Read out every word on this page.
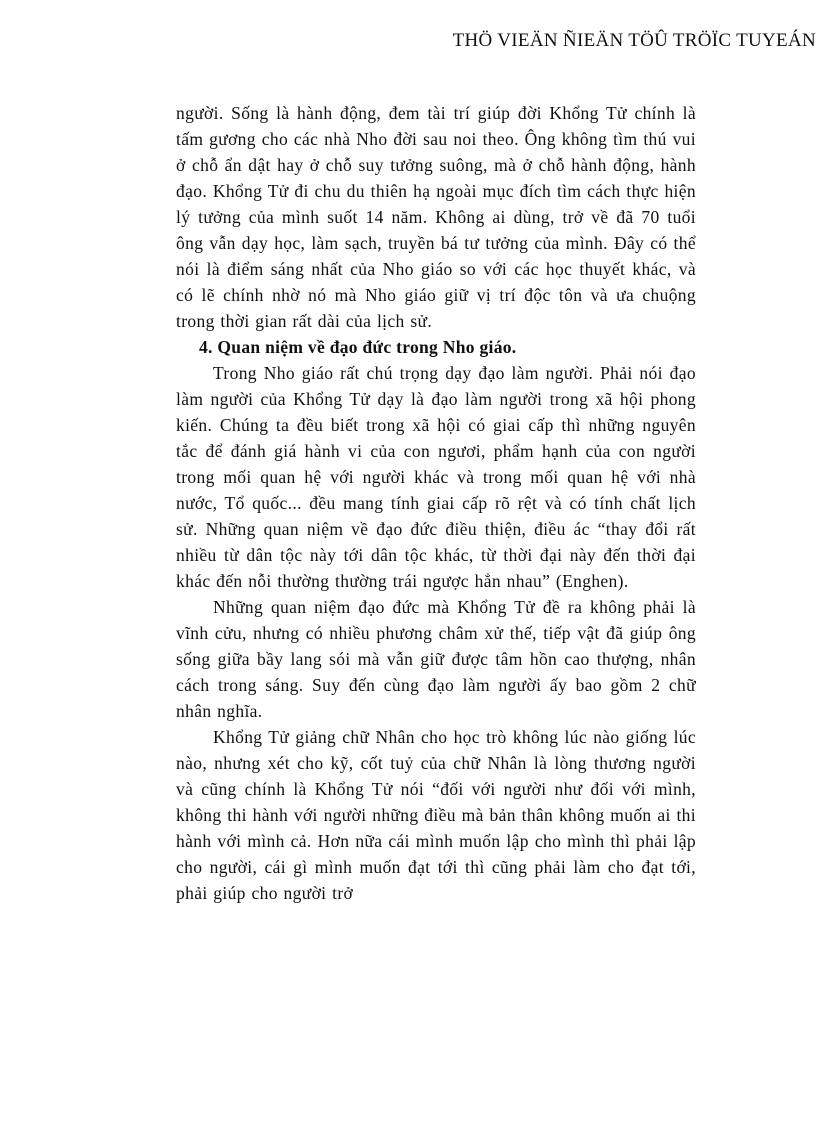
THÖ VIEÄN ÑIEÄN TÖÛ TRÖÏC TUYEÁN

người. Sống là hành động, đem tài trí giúp đời Khổng Tử chính là tấm gương cho các nhà Nho đời sau noi theo. Ông không tìm thú vui ở chỗ ẩn dật hay ở chỗ suy tưởng suông, mà ở chỗ hành động, hành đạo. Khổng Tử đi chu du thiên hạ ngoài mục đích tìm cách thực hiện lý tưởng của mình suốt 14 năm. Không ai dùng, trở về đã 70 tuổi ông vẫn dạy học, làm sạch, truyền bá tư tưởng của mình. Đây có thể nói là điểm sáng nhất của Nho giáo so với các học thuyết khác, và có lẽ chính nhờ nó mà Nho giáo giữ vị trí độc tôn và ưa chuộng trong thời gian rất dài của lịch sử.

4. Quan niệm về đạo đức trong Nho giáo.

Trong Nho giáo rất chú trọng dạy đạo làm người. Phải nói đạo làm người của Khổng Tử dạy là đạo làm người trong xã hội phong kiến. Chúng ta đều biết trong xã hội có giai cấp thì những nguyên tắc để đánh giá hành vi của con ngươi, phẩm hạnh của con người trong mối quan hệ với người khác và trong mối quan hệ với nhà nước, Tổ quốc... đều mang tính giai cấp rõ rệt và có tính chất lịch sử. Những quan niệm về đạo đức điều thiện, điều ác “thay đổi rất nhiều từ dân tộc này tới dân tộc khác, từ thời đại này đến thời đại khác đến nỗi thường thường trái ngược hẳn nhau” (Enghen).

Những quan niệm đạo đức mà Khổng Tử đề ra không phải là vĩnh cửu, nhưng có nhiều phương châm xử thế, tiếp vật đã giúp ông sống giữa bầy lang sói mà vẫn giữ được tâm hồn cao thượng, nhân cách trong sáng. Suy đến cùng đạo làm người ấy bao gồm 2 chữ nhân nghĩa.

Khổng Tử giảng chữ Nhân cho học trò không lúc nào giống lúc nào, nhưng xét cho kỹ, cốt tuỷ của chữ Nhân là lòng thương người và cũng chính là Khổng Tử nói “đối với người như đối với mình, không thi hành với người những điều mà bản thân không muốn ai thi hành với mình cả. Hơn nữa cái mình muốn lập cho mình thì phải lập cho người, cái gì mình muốn đạt tới thì cũng phải làm cho đạt tới, phải giúp cho người trở
